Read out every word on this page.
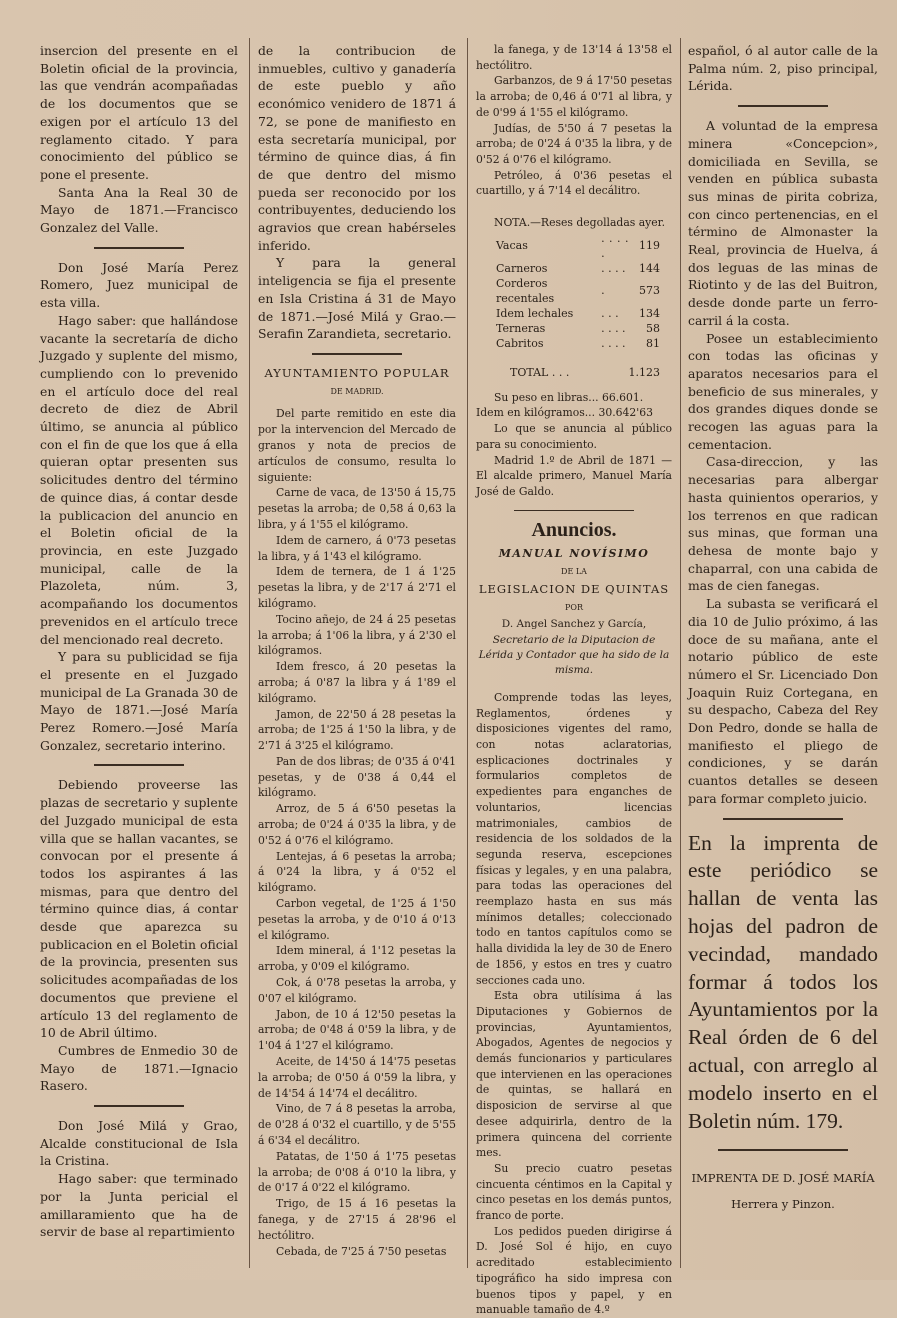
insercion del presente en el Boletin oficial de la provincia, las que vendrán acompañadas de los documentos que se exigen por el artículo 13 del reglamento citado. Y para conocimiento del público se pone el presente.

Santa Ana la Real 30 de Mayo de 1871.—Francisco Gonzalez del Valle.

Don José María Perez Romero, Juez municipal de esta villa.

Hago saber: que hallándose vacante la secretaría de dicho Juzgado y suplente del mismo, cumpliendo con lo prevenido en el artículo doce del real decreto de diez de Abril último, se anuncia al público con el fin de que los que á ella quieran optar presenten sus solicitudes dentro del término de quince dias, á contar desde la publicacion del anuncio en el Boletin oficial de la provincia, en este Juzgado municipal, calle de la Plazoleta, núm. 3, acompañando los documentos prevenidos en el artículo trece del mencionado real decreto.

Y para su publicidad se fija el presente en el Juzgado municipal de La Granada 30 de Mayo de 1871.—José María Perez Romero.—José María Gonzalez, secretario interino.

Debiendo proveerse las plazas de secretario y suplente del Juzgado municipal de esta villa que se hallan vacantes, se convocan por el presente á todos los aspirantes á las mismas, para que dentro del término quince dias, á contar desde que aparezca su publicacion en el Boletin oficial de la provincia, presenten sus solicitudes acompañadas de los documentos que previene el artículo 13 del reglamento de 10 de Abril último.

Cumbres de Enmedio 30 de Mayo de 1871.—Ignacio Rasero.

Don José Milá y Grao, Alcalde constitucional de Isla la Cristina.

Hago saber: que terminado por la Junta pericial el amillaramiento que ha de servir de base al repartimiento

de la contribucion de inmuebles, cultivo y ganadería de este pueblo y año económico venidero de 1871 á 72, se pone de manifiesto en esta secretaría municipal, por término de quince dias, á fin de que dentro del mismo pueda ser reconocido por los contribuyentes, deduciendo los agravios que crean habérseles inferido.

Y para la general inteligencia se fija el presente en Isla Cristina á 31 de Mayo de 1871.—José Milá y Grao.—Serafin Zarandieta, secretario.

AYUNTAMIENTO POPULAR
DE MADRID.

Del parte remitido en este dia por la intervencion del Mercado de granos y nota de precios de artículos de consumo, resulta lo siguiente:

Carne de vaca, de 13'50 á 15,75 pesetas la arroba; de 0,58 á 0,63 la libra, y á 1'55 el kilógramo.

Idem de carnero, á 0'73 pesetas la libra, y á 1'43 el kilógramo.

Idem de ternera, de 1 á 1'25 pesetas la libra, y de 2'17 á 2'71 el kilógramo.

Tocino añejo, de 24 á 25 pesetas la arroba; á 1'06 la libra, y á 2'30 el kilógramos.

Idem fresco, á 20 pesetas la arroba; á 0'87 la libra y á 1'89 el kilógramo.

Jamon, de 22'50 á 28 pesetas la arroba; de 1'25 á 1'50 la libra, y de 2'71 á 3'25 el kilógramo.

Pan de dos libras; de 0'35 á 0'41 pesetas, y de 0'38 á 0,44 el kilógramo.

Arroz, de 5 á 6'50 pesetas la arroba; de 0'24 á 0'35 la libra, y de 0'52 á 0'76 el kilógramo.

Lentejas, á 6 pesetas la arroba; á 0'24 la libra, y á 0'52 el kilógramo.

Carbon vegetal, de 1'25 á 1'50 pesetas la arroba, y de 0'10 á 0'13 el kilógramo.

Idem mineral, á 1'12 pesetas la arroba, y 0'09 el kilógramo.

Cok, á 0'78 pesetas la arroba, y 0'07 el kilógramo.

Jabon, de 10 á 12'50 pesetas la arroba; de 0'48 á 0'59 la libra, y de 1'04 á 1'27 el kilógramo.

Aceite, de 14'50 á 14'75 pesetas la arroba; de 0'50 á 0'59 la libra, y de 14'54 á 14'74 el decálitro.

Vino, de 7 á 8 pesetas la arroba, de 0'28 á 0'32 el cuartillo, y de 5'55 á 6'34 el decálitro.

Patatas, de 1'50 á 1'75 pesetas la arroba; de 0'08 á 0'10 la libra, y de 0'17 á 0'22 el kilógramo.

Trigo, de 15 á 16 pesetas la fanega, y de 27'15 á 28'96 el hectólitro.

Cebada, de 7'25 á 7'50 pesetas

la fanega, y de 13'14 á 13'58 el hectólitro.

Garbanzos, de 9 á 17'50 pesetas la arroba; de 0,46 á 0'71 al libra, y de 0'99 á 1'55 el kilógramo.

Judías, de 5'50 á 7 pesetas la arroba; de 0'24 á 0'35 la libra, y de 0'52 á 0'76 el kilógramo.

Petróleo, á 0'36 pesetas el cuartillo, y á 7'14 el decálitro.

NOTA.—Reses degolladas ayer.

Vacas	. . . . .	119
Carneros	. . . .	144
Corderos recentales	.	573
Idem lechales	. . .	134
Terneras	. . . .	58
Cabritos	. . . .	81
TOTAL . . .		1.123

Su peso en libras... 66.601.

Idem en kilógramos... 30.642'63

Lo que se anuncia al público para su conocimiento.

Madrid 1.º de Abril de 1871 — El alcalde primero, Manuel María José de Galdo.

Anuncios.
MANUAL NOVÍSIMO
DE LA
LEGISLACION DE QUINTAS
POR
D. Angel Sanchez y García,
Secretario de la Diputacion de Lérida y Contador que ha sido de la misma.

Comprende todas las leyes, Reglamentos, órdenes y disposiciones vigentes del ramo, con notas aclaratorias, esplicaciones doctrinales y formularios completos de expedientes para enganches de voluntarios, licencias matrimoniales, cambios de residencia de los soldados de la segunda reserva, escepciones físicas y legales, y en una palabra, para todas las operaciones del reemplazo hasta en sus más mínimos detalles; coleccionado todo en tantos capítulos como se halla dividida la ley de 30 de Enero de 1856, y estos en tres y cuatro secciones cada uno.

Esta obra utilísima á las Diputaciones y Gobiernos de provincias, Ayuntamientos, Abogados, Agentes de negocios y demás funcionarios y particulares que intervienen en las operaciones de quintas, se hallará en disposicion de servirse al que desee adquirirla, dentro de la primera quincena del corriente mes.

Su precio cuatro pesetas cincuenta céntimos en la Capital y cinco pesetas en los demás puntos, franco de porte.

Los pedidos pueden dirigirse á D. José Sol é hijo, en cuyo acreditado establecimiento tipográfico ha sido impresa con buenos tipos y papel, y en manuable tamaño de 4.º

español, ó al autor calle de la Palma núm. 2, piso principal, Lérida.

A voluntad de la empresa minera «Concepcion», domiciliada en Sevilla, se venden en pública subasta sus minas de pirita cobriza, con cinco pertenencias, en el término de Almonaster la Real, provincia de Huelva, á dos leguas de las minas de Riotinto y de las del Buitron, desde donde parte un ferro-carril á la costa.

Posee un establecimiento con todas las oficinas y aparatos necesarios para el beneficio de sus minerales, y dos grandes diques donde se recogen las aguas para la cementacion.

Casa-direccion, y las necesarias para albergar hasta quinientos operarios, y los terrenos en que radican sus minas, que forman una dehesa de monte bajo y chaparral, con una cabida de mas de cien fanegas.

La subasta se verificará el dia 10 de Julio próximo, á las doce de su mañana, ante el notario público de este número el Sr. Licenciado Don Joaquin Ruiz Cortegana, en su despacho, Cabeza del Rey Don Pedro, donde se halla de manifiesto el pliego de condiciones, y se darán cuantos detalles se deseen para formar completo juicio.

En la imprenta de este periódico se hallan de venta las hojas del padron de vecindad, mandado formar á todos los Ayuntamientos por la Real órden de 6 del actual, con arreglo al modelo inserto en el Boletin núm. 179.

IMPRENTA DE D. JOSÉ MARÍA Herrera y Pinzon.
